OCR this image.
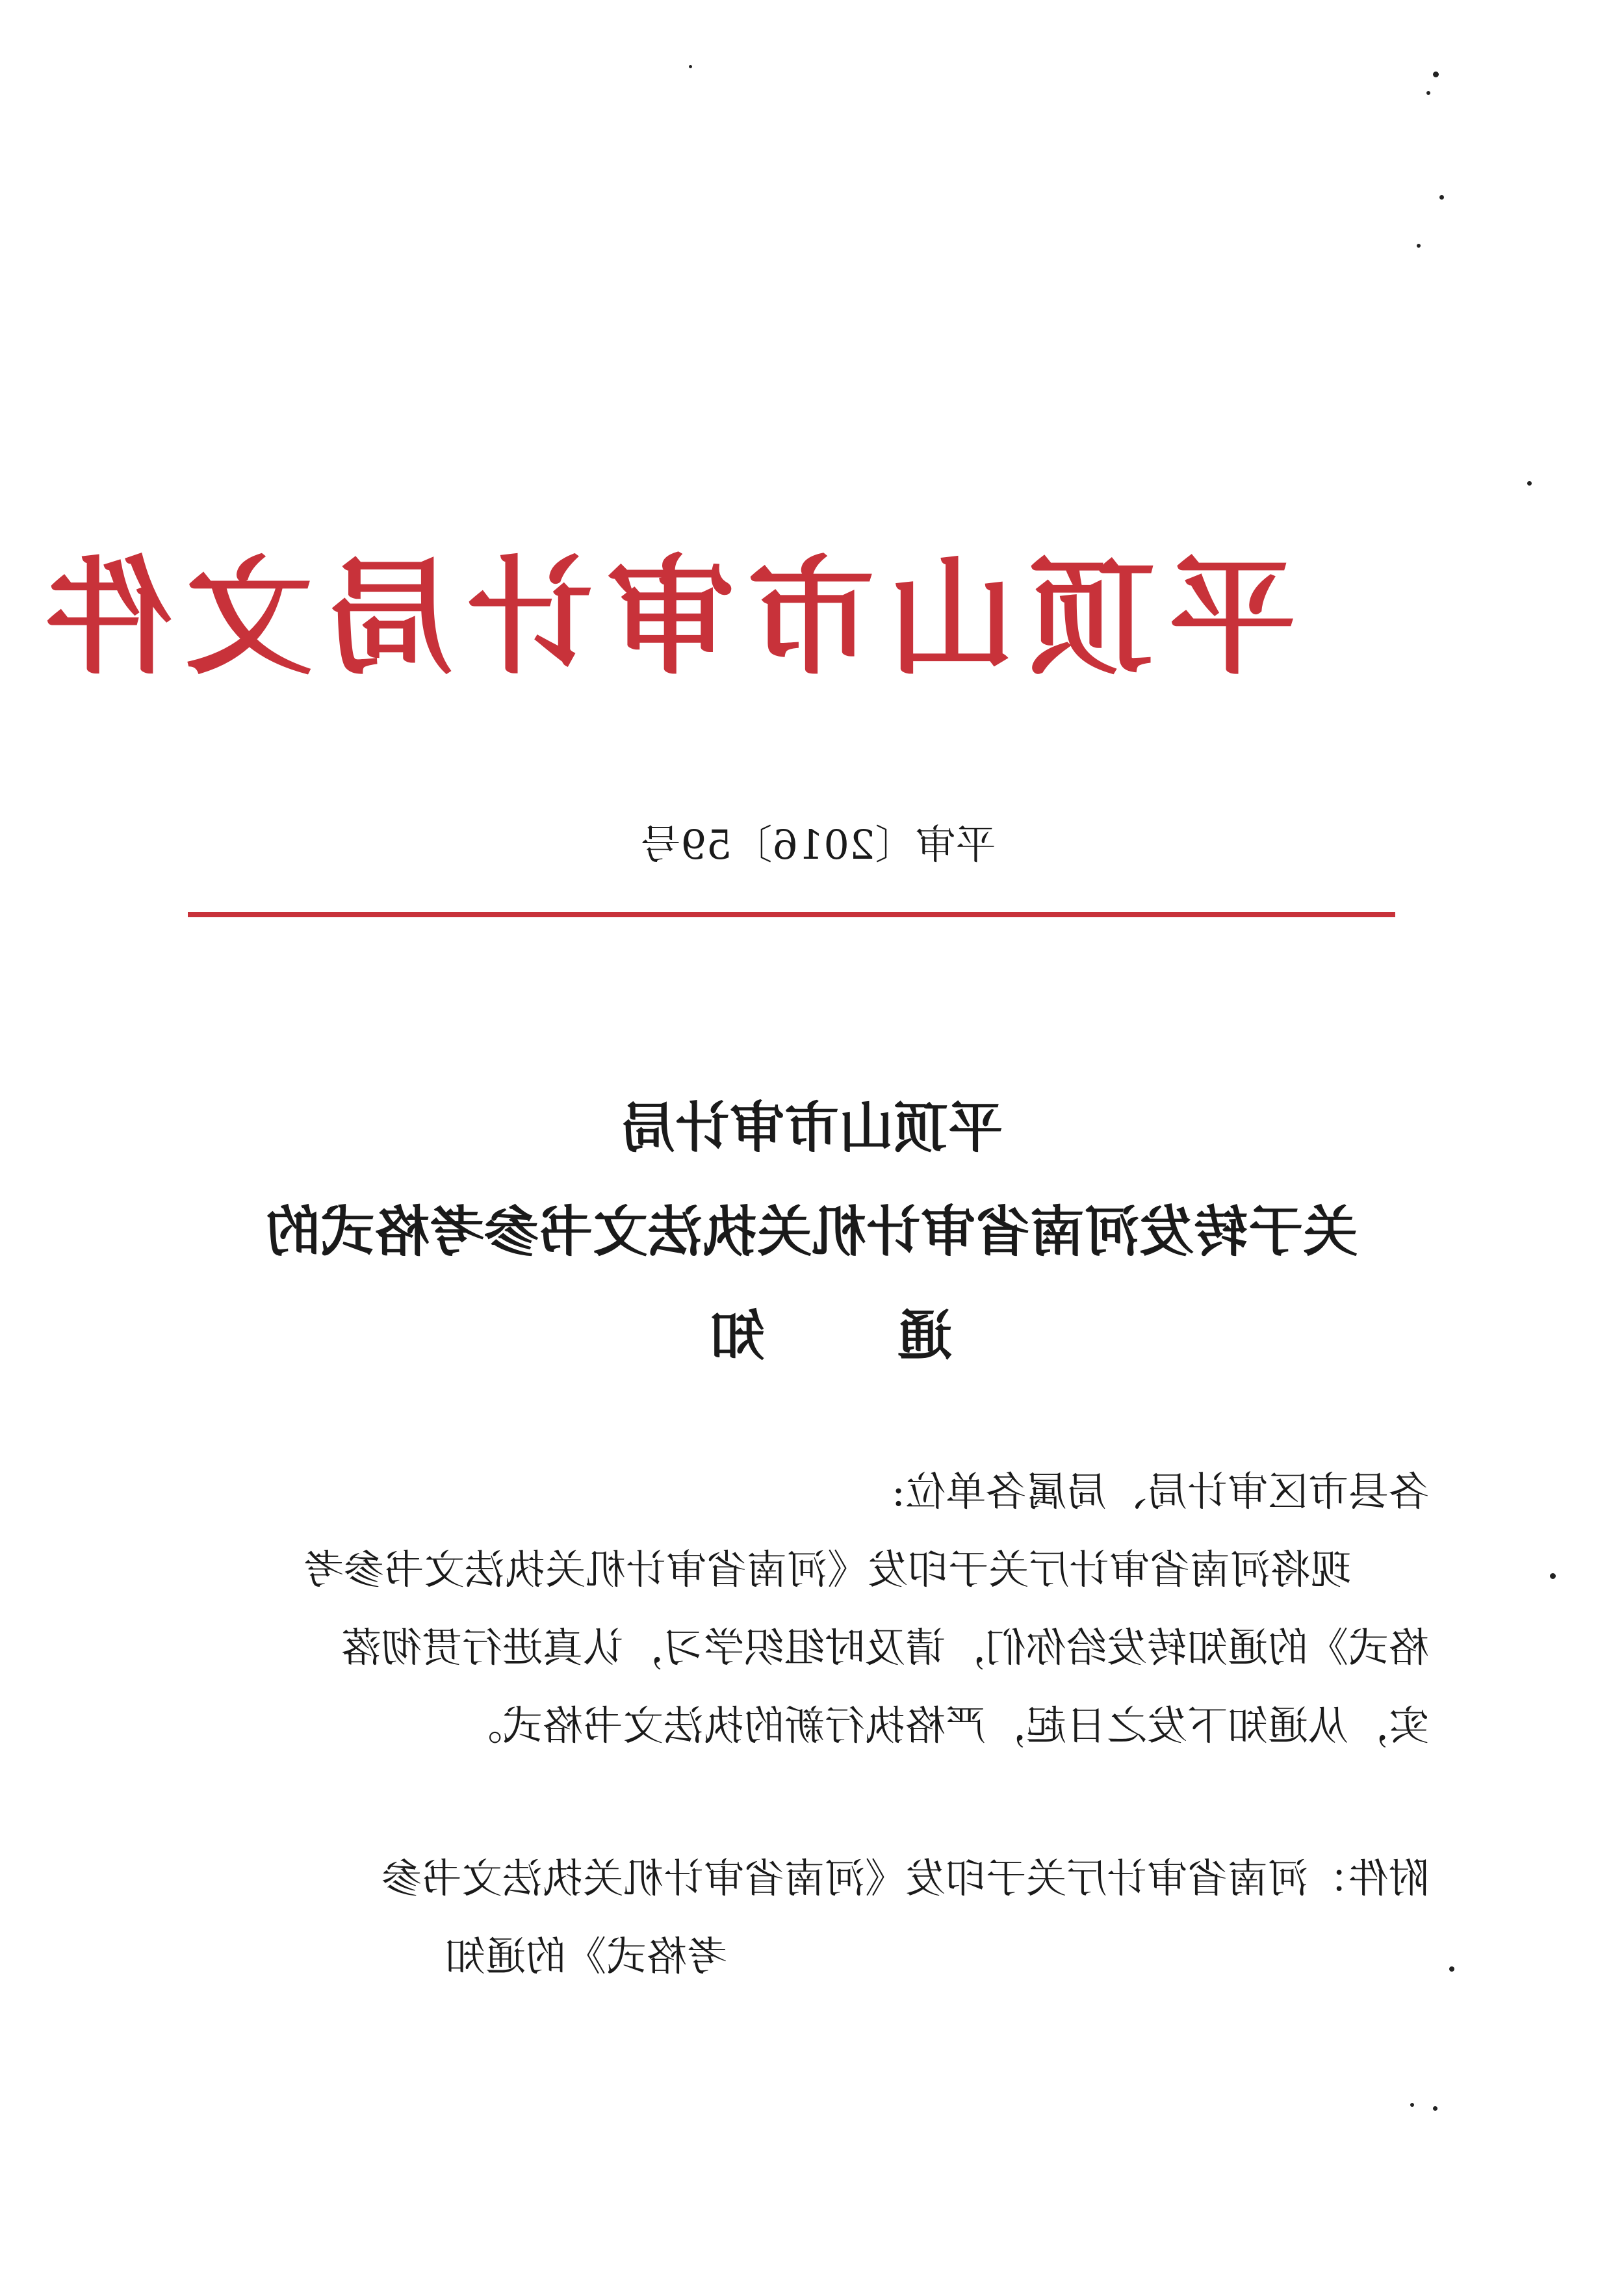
平顶山市审计局文件
平审〔2016〕59号
平顶山市审计局
关于转发河南省审计机关执法文书参考格式的
通　知
各县市区审计局、局属各单位:
现将河南省审计厅关于印发《河南省审计机关执法文书参考
格式》的通知转发给你们，请及时组织学习，认真进行贯彻落
实，从通知下发之日起，严格执行新的执法文书格式。
附件：河南省审计厅关于印发《河南省审计机关执法文书参
考格式》的通知
